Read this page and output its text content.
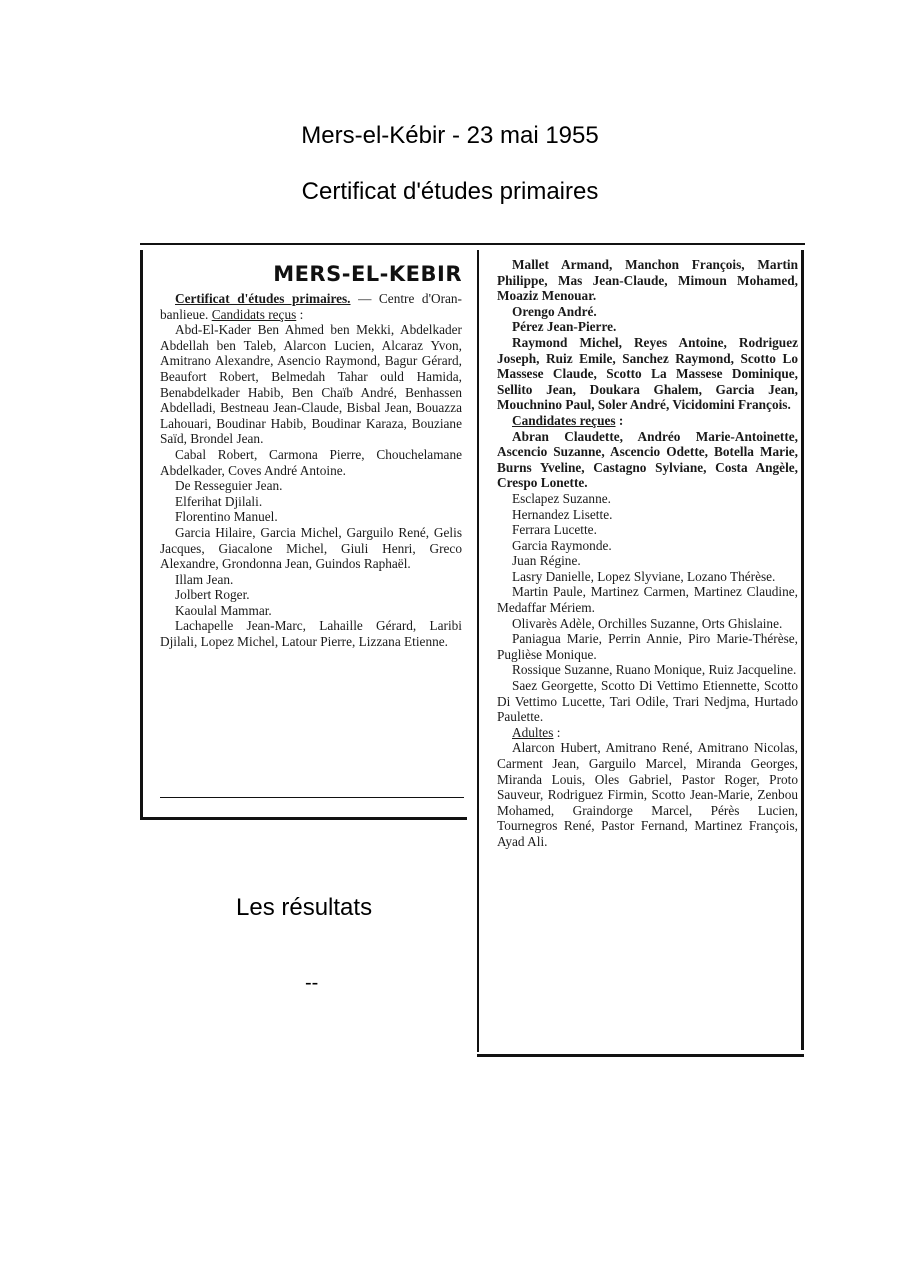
Mers-el-Kébir - 23 mai 1955
Certificat d'études primaires
MERS-EL-KEBIR

Certificat d'études primaires. — Centre d'Oran-banlieue. Candidats reçus :

Abd-El-Kader Ben Ahmed ben Mekki, Abdelkader Abdellah ben Taleb, Alarcon Lucien, Alcaraz Yvon, Amitrano Alexandre, Asencio Raymond, Bagur Gérard, Beaufort Robert, Belmedah Tahar ould Hamida, Benabdelkader Habib, Ben Chaïb André, Benhassen Abdelladi, Bestneau Jean-Claude, Bisbal Jean, Bouazza Lahouari, Boudinar Habib, Boudinar Karaza, Bouziane Saïd, Brondel Jean.

Cabal Robert, Carmona Pierre, Chouchelamane Abdelkader, Coves André Antoine.

De Resseguier Jean.

Elferihat Djilali.

Florentino Manuel.

Garcia Hilaire, Garcia Michel, Garguilo René, Gelis Jacques, Giacalone Michel, Giuli Henri, Greco Alexandre, Grondonna Jean, Guindos Raphaël.

Illam Jean.

Jolbert Roger.

Kaoulal Mammar.

Lachapelle Jean-Marc, Lahaille Gérard, Laribi Djilali, Lopez Michel, Latour Pierre, Lizzana Etienne.

Mallet Armand, Manchon François, Martin Philippe, Mas Jean-Claude, Mimoun Mohamed, Moaziz Menouar.

Orengo André.

Pérez Jean-Pierre.

Raymond Michel, Reyes Antoine, Rodriguez Joseph, Ruiz Emile, Sanchez Raymond, Scotto Lo Massese Claude, Scotto La Massese Dominique, Sellito Jean, Doukara Ghalem, Garcia Jean, Mouchnino Paul, Soler André, Vicidomini François.

Candidates reçues :

Abran Claudette, Andréo Marie-Antoinette, Ascencio Suzanne, Ascencio Odette, Botella Marie, Burns Yveline, Castagno Sylviane, Costa Angèle, Crespo Lonette.

Esclapez Suzanne.

Hernandez Lisette.

Ferrara Lucette.

Garcia Raymonde.

Juan Régine.

Lasry Danielle, Lopez Slyviane, Lozano Thérèse.

Martin Paule, Martinez Carmen, Martinez Claudine, Medaffar Mériem.

Olivarès Adèle, Orchilles Suzanne, Orts Ghislaine.

Paniagua Marie, Perrin Annie, Piro Marie-Thérèse, Puglièse Monique.

Rossique Suzanne, Ruano Monique, Ruiz Jacqueline.

Saez Georgette, Scotto Di Vettimo Etiennette, Scotto Di Vettimo Lucette, Tari Odile, Trari Nedjma, Hurtado Paulette.

Adultes :

Alarcon Hubert, Amitrano René, Amitrano Nicolas, Carment Jean, Garguilo Marcel, Miranda Georges, Miranda Louis, Oles Gabriel, Pastor Roger, Proto Sauveur, Rodriguez Firmin, Scotto Jean-Marie, Zenbou Mohamed, Graindorge Marcel, Pérès Lucien, Tournegros René, Pastor Fernand, Martinez François, Ayad Ali.

Les résultats
--
